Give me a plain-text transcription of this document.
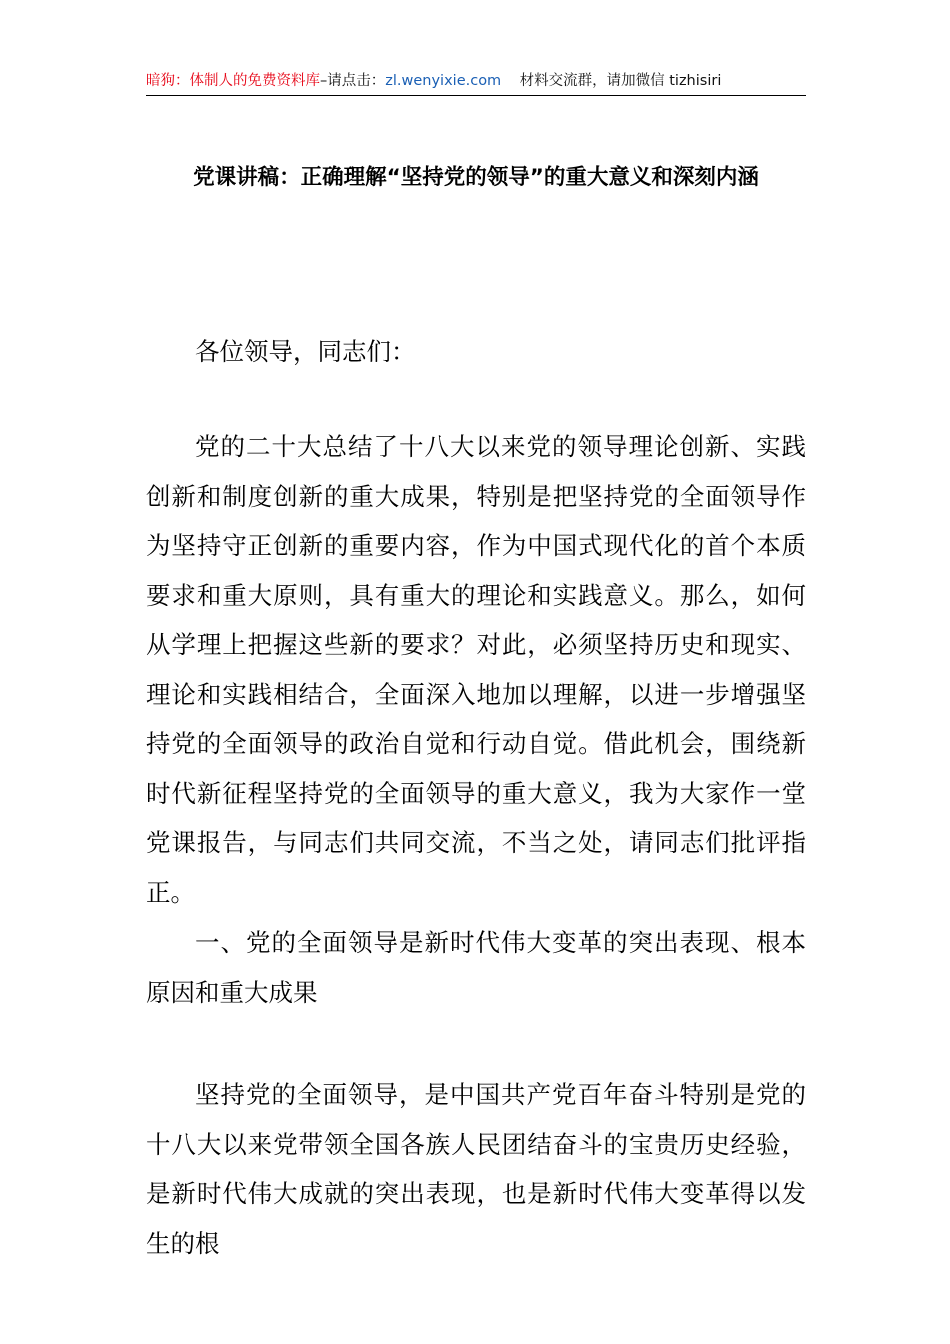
暗狗：体制人的免费资料库–请点击：zl.wenyixie.com 材料交流群，请加微信 tizhisiri
党课讲稿：正确理解“坚持党的领导”的重大意义和深刻内涵

各位领导，同志们：

党的二十大总结了十八大以来党的领导理论创新、实践创新和制度创新的重大成果，特别是把坚持党的全面领导作为坚持守正创新的重要内容，作为中国式现代化的首个本质要求和重大原则，具有重大的理论和实践意义。那么，如何从学理上把握这些新的要求？对此，必须坚持历史和现实、理论和实践相结合，全面深入地加以理解，以进一步增强坚持党的全面领导的政治自觉和行动自觉。借此机会，围绕新时代新征程坚持党的全面领导的重大意义，我为大家作一堂党课报告，与同志们共同交流，不当之处，请同志们批评指正。

一、党的全面领导是新时代伟大变革的突出表现、根本原因和重大成果

坚持党的全面领导，是中国共产党百年奋斗特别是党的十八大以来党带领全国各族人民团结奋斗的宝贵历史经验，是新时代伟大成就的突出表现，也是新时代伟大变革得以发生的根
